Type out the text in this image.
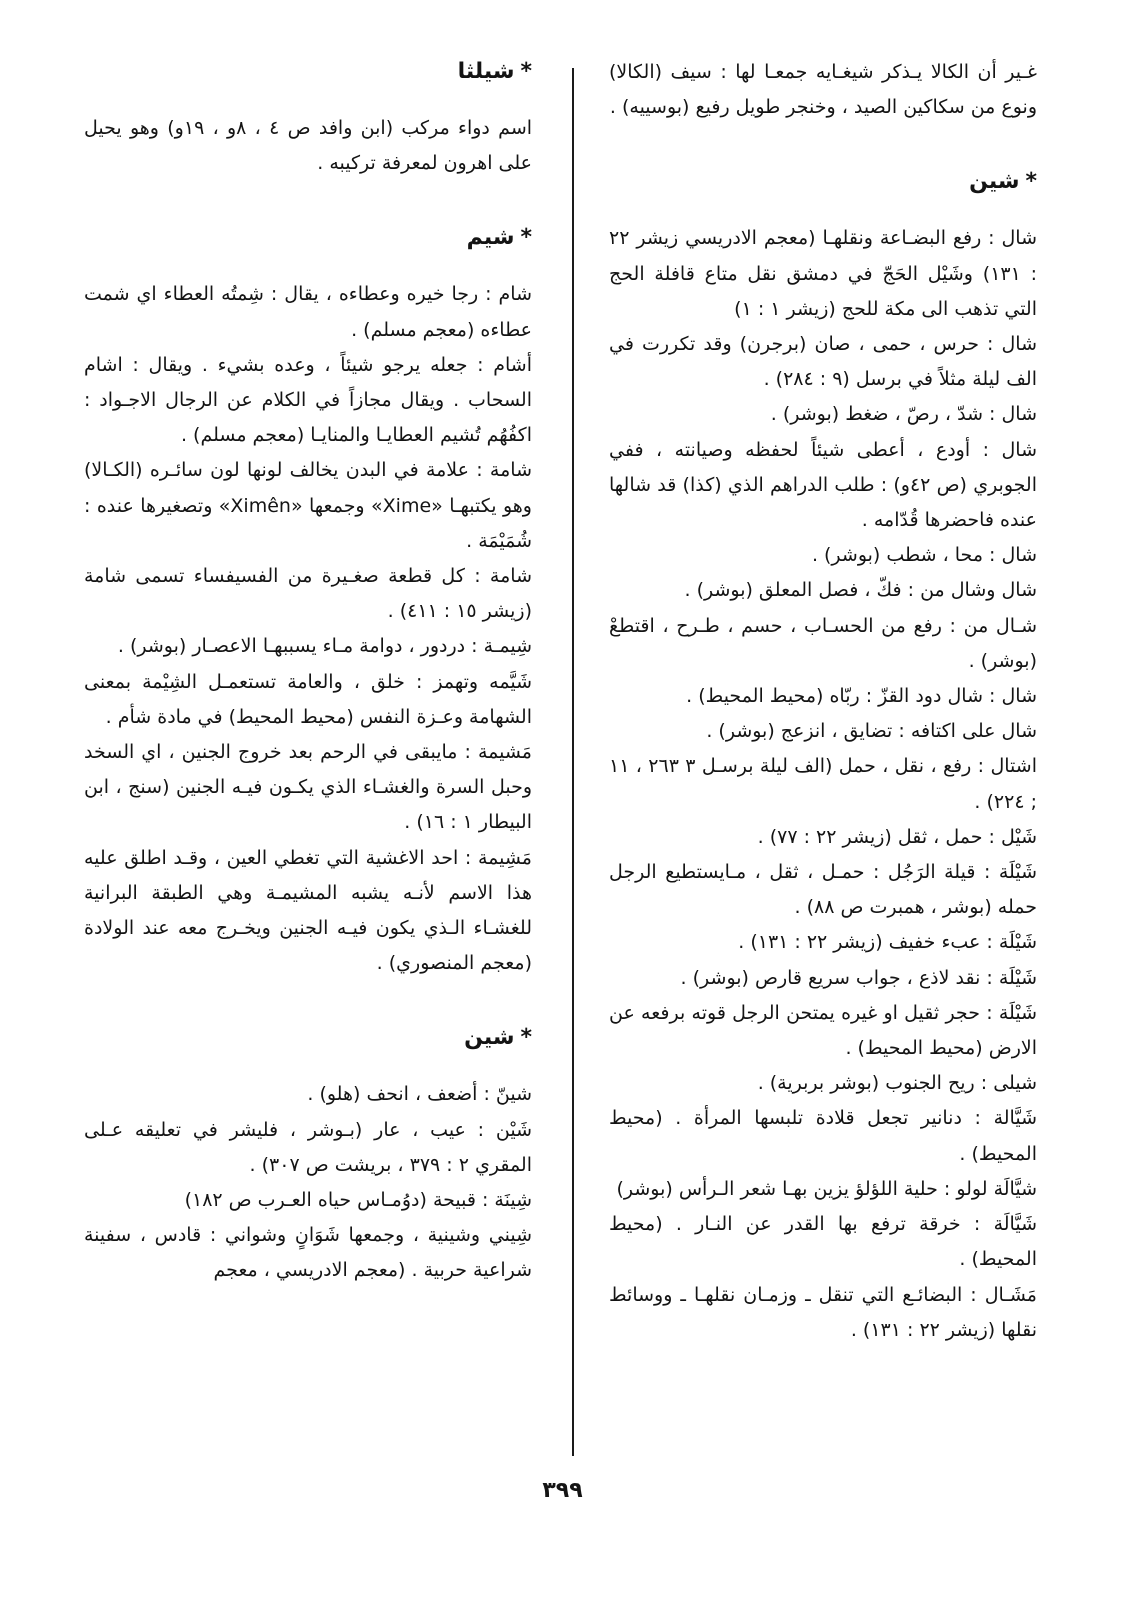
غـير أن الكالا يـذكر شيغـايه جمعـا لها : سيف (الكالا) ونوع من سكاكين الصيد ، وخنجر طويل رفيع (بوسييه) .
*شين
شال : رفع البضـاعة ونقلهـا (معجم الادريسي زيشر ٢٢ : ١٣١) وشَيْل الحَجّ في دمشق نقل متاع قافلة الحج التي تذهب الى مكة للحج (زيشر ١ : ١)
شال : حرس ، حمى ، صان (برجرن) وقد تكررت في الف ليلة مثلاً في برسل (٩ : ٢٨٤) .
شال : شدّ ، رصّ ، ضغط (بوشر) .
شال : أودع ، أعطى شيئاً لحفظه وصيانته ، ففي الجوبري (ص ٤٢و) : طلب الدراهم الذي (كذا) قد شالها عنده فاحضرها قُدّامه .
شال : محا ، شطب (بوشر) .
شال وشال من : فكّ ، فصل المعلق (بوشر) .
شـال من : رفع من الحسـاب ، حسم ، طـرح ، اقتطعْ (بوشر) .
شال : شال دود القزّ : ربّاه (محيط المحيط) .
شال على اكتافه : تضايق ، انزعج (بوشر) .
اشتال : رفع ، نقل ، حمل (الف ليلة برسـل ٣ ٢٦٣ ، ١١ ; ٢٢٤) .
شَيْل : حمل ، ثقل (زيشر ٢٢ : ٧٧) .
شَيْلَة : قيلة الرَجُل : حمـل ، ثقل ، مـايستطيع الرجل حمله (بوشر ، همبرت ص ٨٨) .
شَيْلَة : عبء خفيف (زيشر ٢٢ : ١٣١) .
شَيْلَة : نقد لاذع ، جواب سريع قارص (بوشر) .
شَيْلَة : حجر ثقيل او غيره يمتحن الرجل قوته برفعه عن الارض (محيط المحيط) .
شيلى : ريح الجنوب (بوشر بربرية) .
شَيَّالة : دنانير تجعل قلادة تلبسها المرأة . (محيط المحيط) .
شيَّالَة لولو : حلية اللؤلؤ يزين بهـا شعر الـرأس (بوشر)
شَيَّالَة : خرقة ترفع بها القدر عن النـار . (محيط المحيط) .
مَشَـال : البضائـع التي تنقل ـ وزمـان نقلهـا ـ ووسائط نقلها (زيشر ٢٢ : ١٣١) .
*شيلثا
اسم دواء مركب (ابن وافد ص ٤ ، ٨و ، ١٩و) وهو يحيل على اهرون لمعرفة تركيبه .
*شيم
شام : رجا خيره وعطاءه ، يقال : شِمتُه العطاء اي شمت عطاءه (معجم مسلم) .
أشام : جعله يرجو شيئاً ، وعده بشيء . ويقال : اشام السحاب . ويقال مجازاً في الكلام عن الرجال الاجـواد : اكفُهُم تُشيم العطايـا والمنايـا (معجم مسلم) .
شامة : علامة في البدن يخالف لونها لون سائـره (الكـالا) وهو يكتبهـا «Xime» وجمعها «Ximên» وتصغيرها عنده : شُمَيْمَة .
شامة : كل قطعة صغـيرة من الفسيفساء تسمى شامة (زيشر ١٥ : ٤١١) .
شِيمـة : دردور ، دوامة مـاء يسببهـا الاعصـار (بوشر) .
شَيَّمه وتهمز : خلق ، والعامة تستعمـل الشِيْمة بمعنى الشهامة وعـزة النفس (محيط المحيط) في مادة شأم .
مَشيمة : مايبقى في الرحم بعد خروج الجنين ، اي السخد وحبل السرة والغشـاء الذي يكـون فيـه الجنين (سنج ، ابن البيطار ١ : ١٦) .
مَشِيمة : احد الاغشية التي تغطي العين ، وقـد اطلق عليه هذا الاسم لأنـه يشبه المشيمـة وهي الطبقة البرانية للغشـاء الـذي يكون فيـه الجنين ويخـرج معه عند الولادة (معجم المنصوري) .
*شين
شينّ : أضعف ، انحف (هلو) .
شَيْن : عيب ، عار (بـوشر ، فليشر في تعليقه عـلى المقري ٢ : ٣٧٩ ، بريشت ص ٣٠٧) .
شِينَة : قبيحة (دوُمـاس حياه العـرب ص ١٨٢)
شِيني وشينية ، وجمعها شَوَانٍ وشواني : قادس ، سفينة شراعية حربية . (معجم الادريسي ، معجم
٣٩٩
